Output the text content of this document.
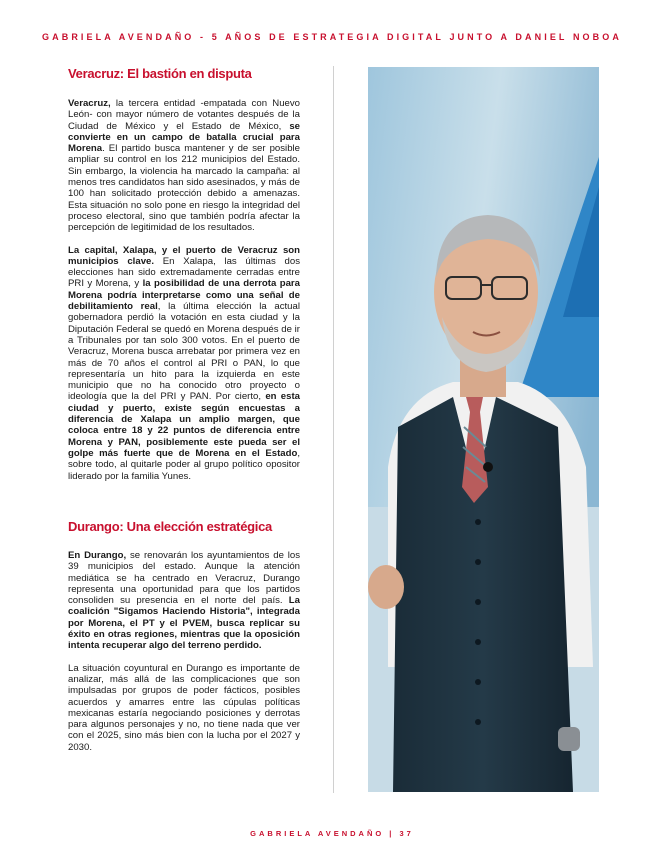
GABRIELA AVENDAÑO - 5 AÑOS DE ESTRATEGIA DIGITAL JUNTO A DANIEL NOBOA
Veracruz: El bastión en disputa

Veracruz, la tercera entidad -empatada con Nuevo León- con mayor número de votantes después de la Ciudad de México y el Estado de México, se convierte en un campo de batalla crucial para Morena. El partido busca mantener y de ser posible ampliar su control en los 212 municipios del Estado. Sin embargo, la violencia ha marcado la campaña: al menos tres candidatos han sido asesinados, y más de 100 han solicitado protección debido a amenazas. Esta situación no solo pone en riesgo la integridad del proceso electoral, sino que también podría afectar la percepción de legitimidad de los resultados.

La capital, Xalapa, y el puerto de Veracruz son municipios clave. En Xalapa, las últimas dos elecciones han sido extremadamente cerradas entre PRI y Morena, y la posibilidad de una derrota para Morena podría interpretarse como una señal de debilitamiento real, la última elección la actual gobernadora perdió la votación en esta ciudad y la Diputación Federal se quedó en Morena después de ir a Tribunales por tan solo 300 votos. En el puerto de Veracruz, Morena busca arrebatar por primera vez en más de 70 años el control al PRI o PAN, lo que representaría un hito para la izquierda en este municipio que no ha conocido otro proyecto o ideología que la del PRI y PAN. Por cierto, en esta ciudad y puerto, existe según encuestas a diferencia de Xalapa un amplio margen, que coloca entre 18 y 22 puntos de diferencia entre Morena y PAN, posiblemente este pueda ser el golpe más fuerte que de Morena en el Estado, sobre todo, al quitarle poder al grupo político opositor liderado por la familia Yunes.

Durango: Una elección estratégica

En Durango, se renovarán los ayuntamientos de los 39 municipios del estado. Aunque la atención mediática se ha centrado en Veracruz, Durango representa una oportunidad para que los partidos consoliden su presencia en el norte del país. La coalición "Sigamos Haciendo Historia", integrada por Morena, el PT y el PVEM, busca replicar su éxito en otras regiones, mientras que la oposición intenta recuperar algo del terreno perdido.

La situación coyuntural en Durango es importante de analizar, más allá de las complicaciones que son impulsadas por grupos de poder fácticos, posibles acuerdos y amarres entre las cúpulas políticas mexicanas estaría negociando posiciones y derrotas para algunos personajes y no, no tiene nada que ver con el 2025, sino más bien con la lucha por el 2027 y 2030.

GABRIELA AVENDAÑO | 37
